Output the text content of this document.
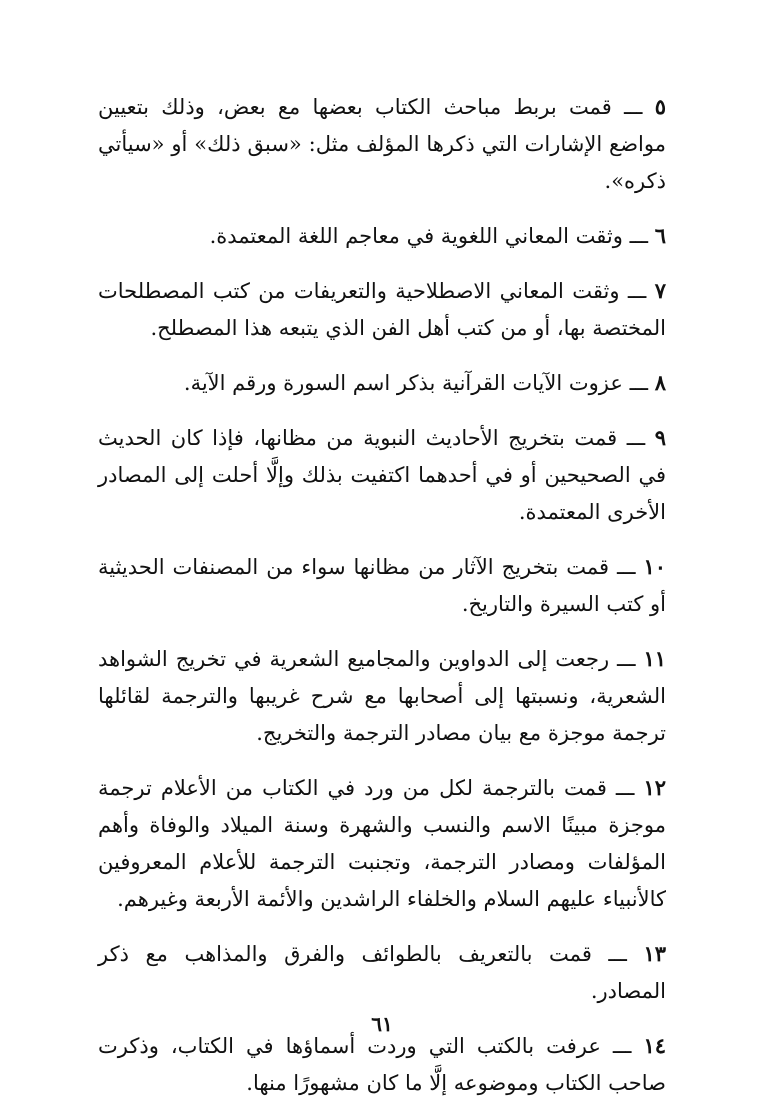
٥ ـــ قمت بربط مباحث الكتاب بعضها مع بعض، وذلك بتعيين مواضع الإشارات التي ذكرها المؤلف مثل: «سبق ذلك» أو «سيأتي ذكره».

٦ ـــ وثقت المعاني اللغوية في معاجم اللغة المعتمدة.

٧ ـــ وثقت المعاني الاصطلاحية والتعريفات من كتب المصطلحات المختصة بها، أو من كتب أهل الفن الذي يتبعه هذا المصطلح.

٨ ـــ عزوت الآيات القرآنية بذكر اسم السورة ورقم الآية.

٩ ـــ قمت بتخريج الأحاديث النبوية من مظانها، فإذا كان الحديث في الصحيحين أو في أحدهما اكتفيت بذلك وإلَّا أحلت إلى المصادر الأخرى المعتمدة.

١٠ ـــ قمت بتخريج الآثار من مظانها سواء من المصنفات الحديثية أو كتب السيرة والتاريخ.

١١ ـــ رجعت إلى الدواوين والمجاميع الشعرية في تخريج الشواهد الشعرية، ونسبتها إلى أصحابها مع شرح غريبها والترجمة لقائلها ترجمة موجزة مع بيان مصادر الترجمة والتخريج.

١٢ ـــ قمت بالترجمة لكل من ورد في الكتاب من الأعلام ترجمة موجزة مبينًا الاسم والنسب والشهرة وسنة الميلاد والوفاة وأهم المؤلفات ومصادر الترجمة، وتجنبت الترجمة للأعلام المعروفين كالأنبياء عليهم السلام والخلفاء الراشدين والأئمة الأربعة وغيرهم.

١٣ ـــ قمت بالتعريف بالطوائف والفرق والمذاهب مع ذكر المصادر.

١٤ ـــ عرفت بالكتب التي وردت أسماؤها في الكتاب، وذكرت صاحب الكتاب وموضوعه إلَّا ما كان مشهورًا منها.

٦١
